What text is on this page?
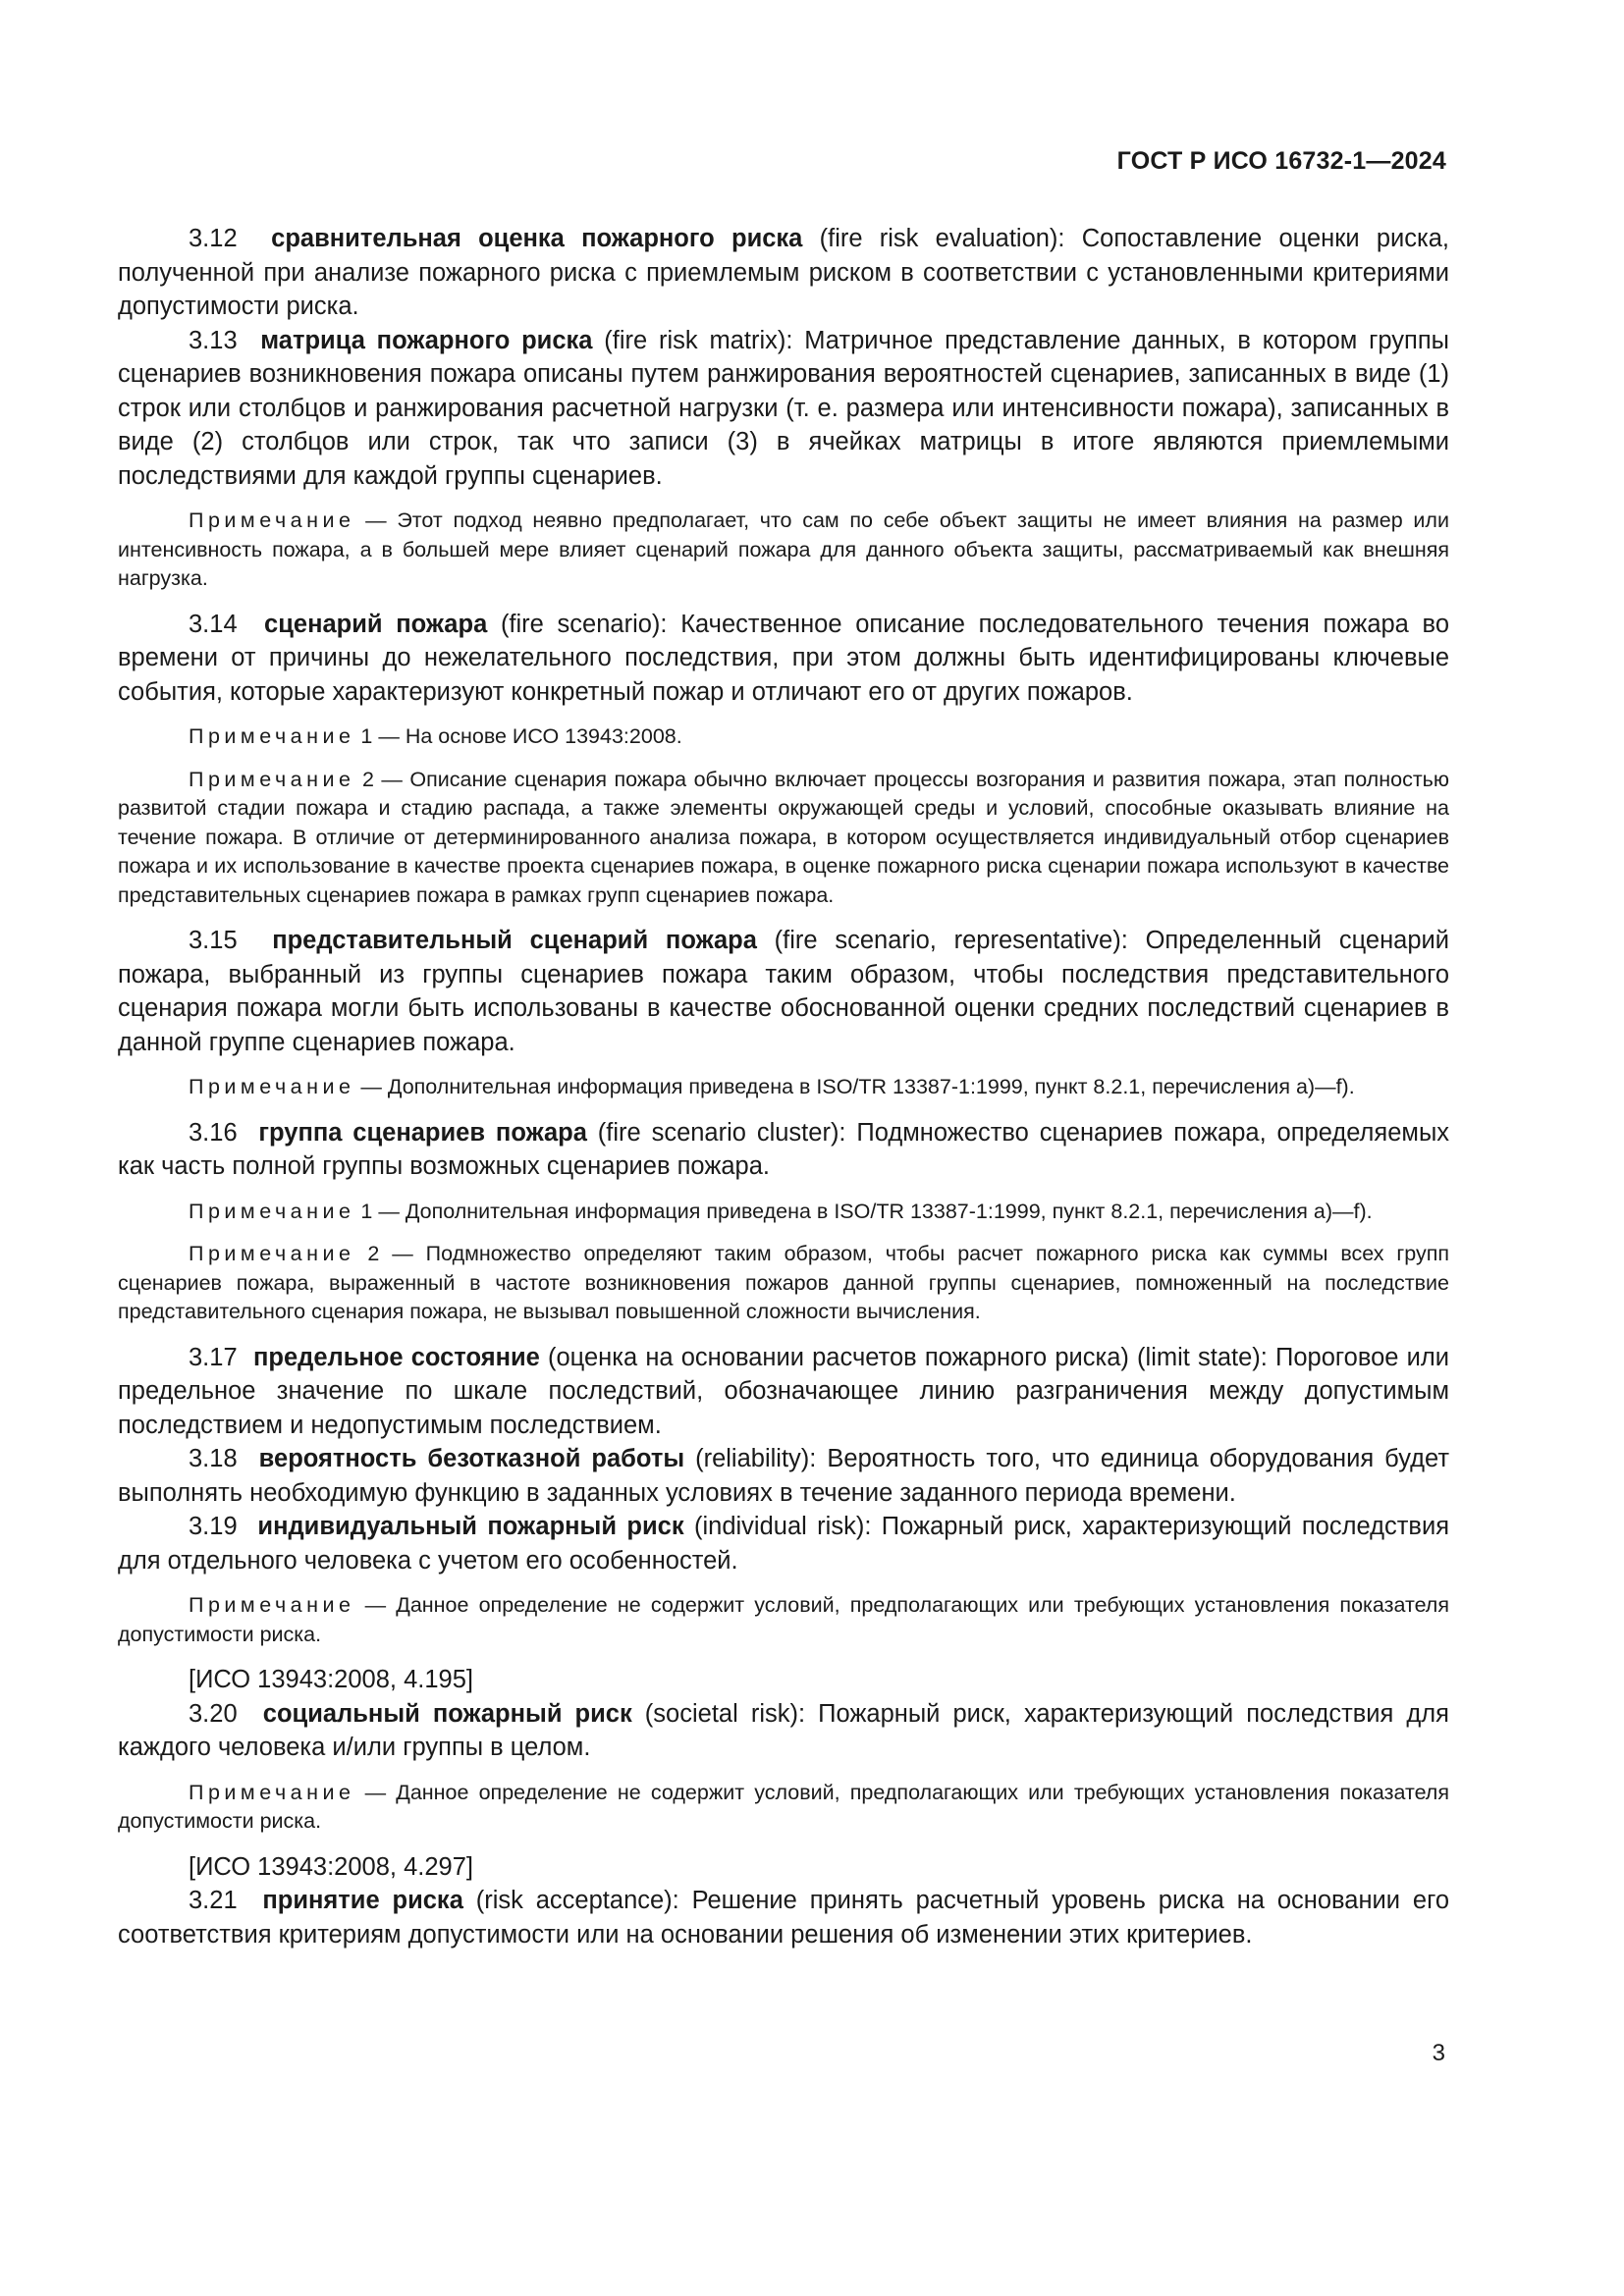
ГОСТ Р ИСО 16732-1—2024

3.12 сравнительная оценка пожарного риска (fire risk evaluation): Сопоставление оценки риска, полученной при анализе пожарного риска с приемлемым риском в соответствии с установленными критериями допустимости риска.

3.13 матрица пожарного риска (fire risk matrix): Матричное представление данных, в котором группы сценариев возникновения пожара описаны путем ранжирования вероятностей сценариев, записанных в виде (1) строк или столбцов и ранжирования расчетной нагрузки (т. е. размера или интенсивности пожара), записанных в виде (2) столбцов или строк, так что записи (3) в ячейках матрицы в итоге являются приемлемыми последствиями для каждой группы сценариев.

Примечание — Этот подход неявно предполагает, что сам по себе объект защиты не имеет влияния на размер или интенсивность пожара, а в большей мере влияет сценарий пожара для данного объекта защиты, рассматриваемый как внешняя нагрузка.

3.14 сценарий пожара (fire scenario): Качественное описание последовательного течения пожара во времени от причины до нежелательного последствия, при этом должны быть идентифицированы ключевые события, которые характеризуют конкретный пожар и отличают его от других пожаров.

Примечание 1 — На основе ИСО 13943:2008.

Примечание 2 — Описание сценария пожара обычно включает процессы возгорания и развития пожара, этап полностью развитой стадии пожара и стадию распада, а также элементы окружающей среды и условий, способные оказывать влияние на течение пожара. В отличие от детерминированного анализа пожара, в котором осуществляется индивидуальный отбор сценариев пожара и их использование в качестве проекта сценариев пожара, в оценке пожарного риска сценарии пожара используют в качестве представительных сценариев пожара в рамках групп сценариев пожара.

3.15 представительный сценарий пожара (fire scenario, representative): Определенный сценарий пожара, выбранный из группы сценариев пожара таким образом, чтобы последствия представительного сценария пожара могли быть использованы в качестве обоснованной оценки средних последствий сценариев в данной группе сценариев пожара.

Примечание — Дополнительная информация приведена в ISO/TR 13387-1:1999, пункт 8.2.1, перечисления а)—f).

3.16 группа сценариев пожара (fire scenario cluster): Подмножество сценариев пожара, определяемых как часть полной группы возможных сценариев пожара.

Примечание 1 — Дополнительная информация приведена в ISO/TR 13387-1:1999, пункт 8.2.1, перечисления а)—f).

Примечание 2 — Подмножество определяют таким образом, чтобы расчет пожарного риска как суммы всех групп сценариев пожара, выраженный в частоте возникновения пожаров данной группы сценариев, помноженный на последствие представительного сценария пожара, не вызывал повышенной сложности вычисления.

3.17 предельное состояние (оценка на основании расчетов пожарного риска) (limit state): Пороговое или предельное значение по шкале последствий, обозначающее линию разграничения между допустимым последствием и недопустимым последствием.

3.18 вероятность безотказной работы (reliability): Вероятность того, что единица оборудования будет выполнять необходимую функцию в заданных условиях в течение заданного периода времени.

3.19 индивидуальный пожарный риск (individual risk): Пожарный риск, характеризующий последствия для отдельного человека с учетом его особенностей.

Примечание — Данное определение не содержит условий, предполагающих или требующих установления показателя допустимости риска.

[ИСО 13943:2008, 4.195]

3.20 социальный пожарный риск (societal risk): Пожарный риск, характеризующий последствия для каждого человека и/или группы в целом.

Примечание — Данное определение не содержит условий, предполагающих или требующих установления показателя допустимости риска.

[ИСО 13943:2008, 4.297]

3.21 принятие риска (risk acceptance): Решение принять расчетный уровень риска на основании его соответствия критериям допустимости или на основании решения об изменении этих критериев.

3
